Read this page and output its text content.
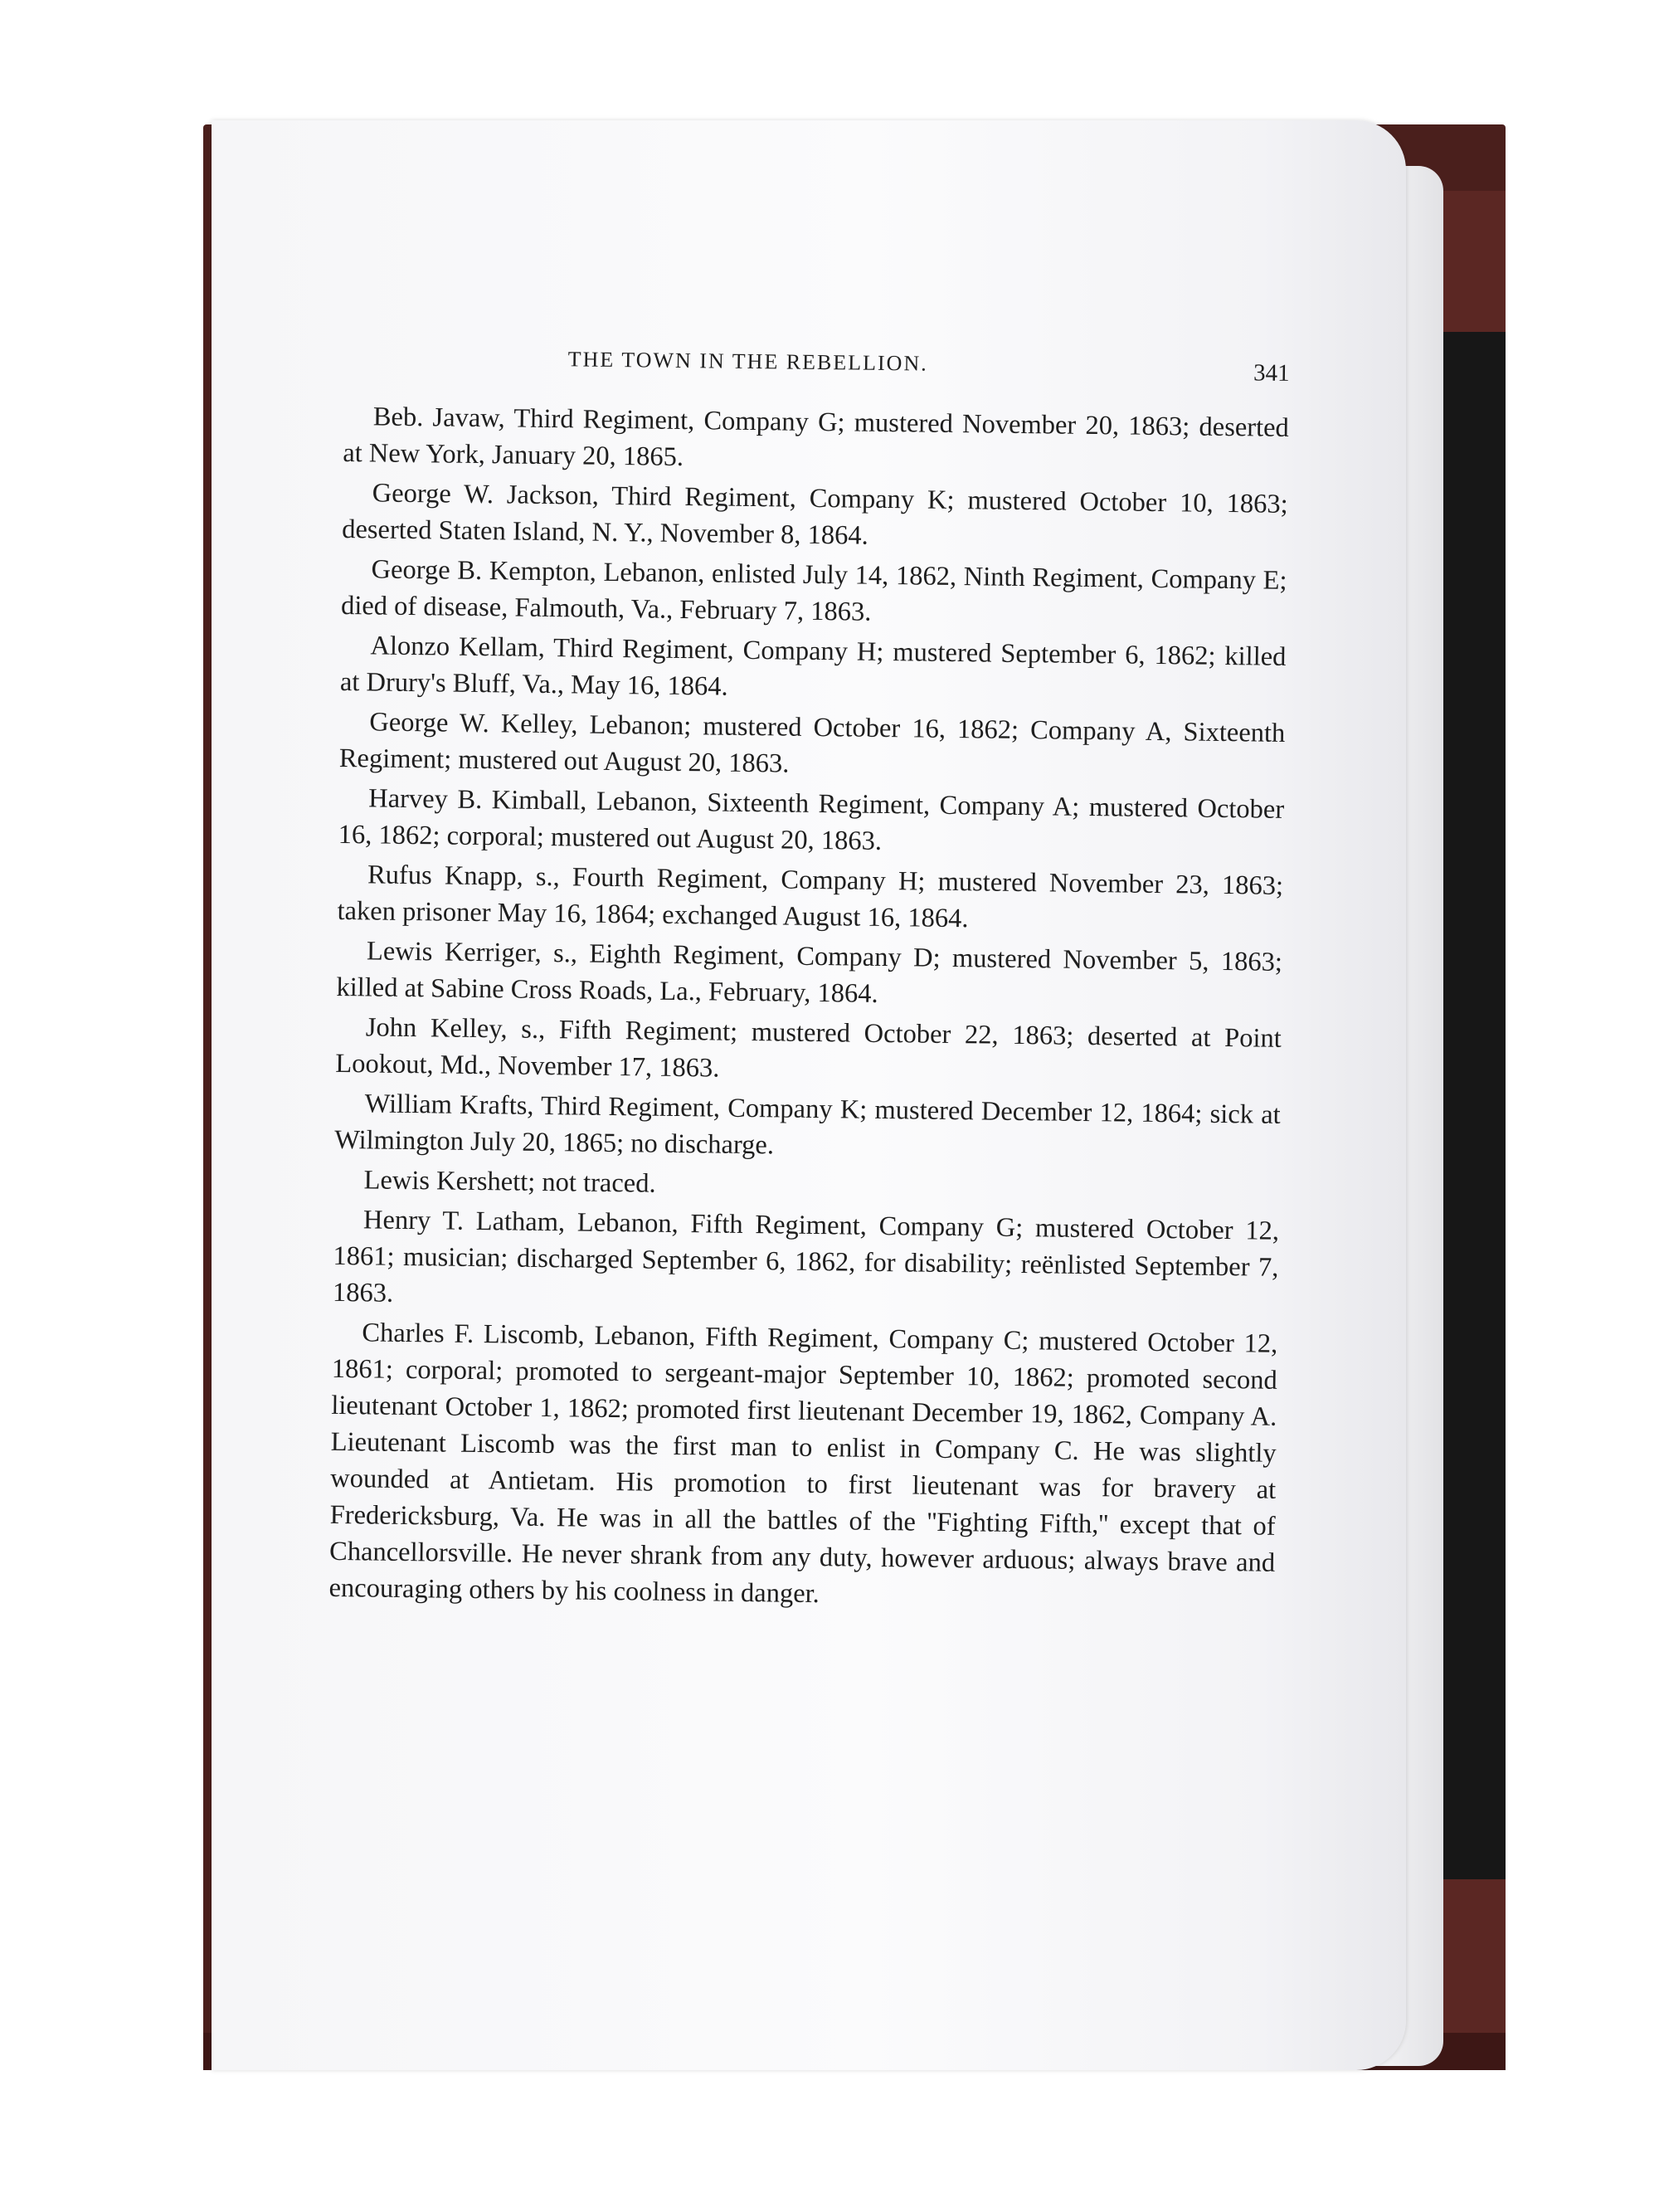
THE TOWN IN THE REBELLION.	341

Beb. Javaw, Third Regiment, Company G; mustered November 20, 1863; deserted at New York, January 20, 1865.

George W. Jackson, Third Regiment, Company K; mustered October 10, 1863; deserted Staten Island, N. Y., November 8, 1864.

George B. Kempton, Lebanon, enlisted July 14, 1862, Ninth Regiment, Company E; died of disease, Falmouth, Va., February 7, 1863.

Alonzo Kellam, Third Regiment, Company H; mustered September 6, 1862; killed at Drury's Bluff, Va., May 16, 1864.

George W. Kelley, Lebanon; mustered October 16, 1862; Company A, Sixteenth Regiment; mustered out August 20, 1863.

Harvey B. Kimball, Lebanon, Sixteenth Regiment, Company A; mustered October 16, 1862; corporal; mustered out August 20, 1863.

Rufus Knapp, s., Fourth Regiment, Company H; mustered November 23, 1863; taken prisoner May 16, 1864; exchanged August 16, 1864.

Lewis Kerriger, s., Eighth Regiment, Company D; mustered November 5, 1863; killed at Sabine Cross Roads, La., February, 1864.

John Kelley, s., Fifth Regiment; mustered October 22, 1863; deserted at Point Lookout, Md., November 17, 1863.

William Krafts, Third Regiment, Company K; mustered December 12, 1864; sick at Wilmington July 20, 1865; no discharge.

Lewis Kershett; not traced.

Henry T. Latham, Lebanon, Fifth Regiment, Company G; mustered October 12, 1861; musician; discharged September 6, 1862, for disability; reënlisted September 7, 1863.

Charles F. Liscomb, Lebanon, Fifth Regiment, Company C; mustered October 12, 1861; corporal; promoted to sergeant-major September 10, 1862; promoted second lieutenant October 1, 1862; promoted first lieutenant December 19, 1862, Company A. Lieutenant Liscomb was the first man to enlist in Company C. He was slightly wounded at Antietam. His promotion to first lieutenant was for bravery at Fredericksburg, Va. He was in all the battles of the ''Fighting Fifth,'' except that of Chancellorsville. He never shrank from any duty, however arduous; always brave and encouraging others by his coolness in danger.
